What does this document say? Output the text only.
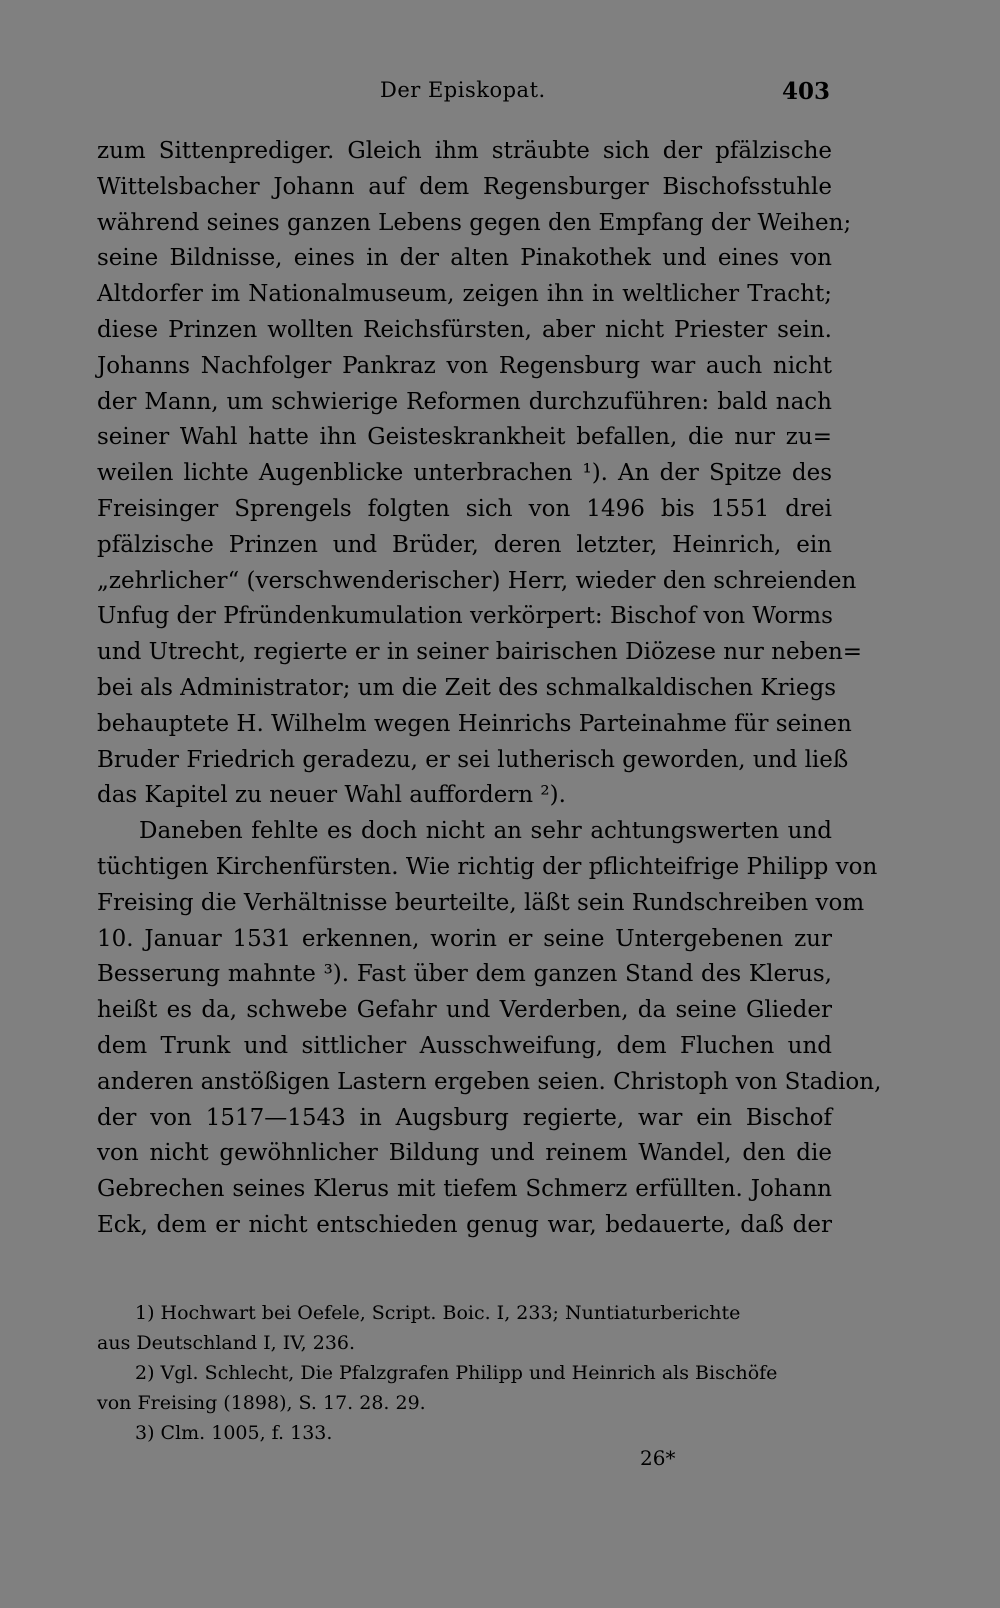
Der Episkopat.	403
zum Sittenprediger. Gleich ihm sträubte sich der pfälzische
Wittelsbacher Johann auf dem Regensburger Bischofsstuhle
während seines ganzen Lebens gegen den Empfang der Weihen;
seine Bildnisse, eines in der alten Pinakothek und eines von
Altdorfer im Nationalmuseum, zeigen ihn in weltlicher Tracht;
diese Prinzen wollten Reichsfürsten, aber nicht Priester sein.
Johanns Nachfolger Pankraz von Regensburg war auch nicht
der Mann, um schwierige Reformen durchzuführen: bald nach
seiner Wahl hatte ihn Geisteskrankheit befallen, die nur zu=
weilen lichte Augenblicke unterbrachen ¹). An der Spitze des
Freisinger Sprengels folgten sich von 1496 bis 1551 drei
pfälzische Prinzen und Brüder, deren letzter, Heinrich, ein
„zehrlicher“ (verschwenderischer) Herr, wieder den schreienden
Unfug der Pfründenkumulation verkörpert: Bischof von Worms
und Utrecht, regierte er in seiner bairischen Diözese nur neben=
bei als Administrator; um die Zeit des schmalkaldischen Kriegs
behauptete H. Wilhelm wegen Heinrichs Parteinahme für seinen
Bruder Friedrich geradezu, er sei lutherisch geworden, und ließ
das Kapitel zu neuer Wahl auffordern ²).
Daneben fehlte es doch nicht an sehr achtungswerten und
tüchtigen Kirchenfürsten. Wie richtig der pflichteifrige Philipp von
Freising die Verhältnisse beurteilte, läßt sein Rundschreiben vom
10. Januar 1531 erkennen, worin er seine Untergebenen zur
Besserung mahnte ³). Fast über dem ganzen Stand des Klerus,
heißt es da, schwebe Gefahr und Verderben, da seine Glieder
dem Trunk und sittlicher Ausschweifung, dem Fluchen und
anderen anstößigen Lastern ergeben seien. Christoph von Stadion,
der von 1517—1543 in Augsburg regierte, war ein Bischof
von nicht gewöhnlicher Bildung und reinem Wandel, den die
Gebrechen seines Klerus mit tiefem Schmerz erfüllten. Johann
Eck, dem er nicht entschieden genug war, bedauerte, daß der
1) Hochwart bei Oefele, Script. Boic. I, 233; Nuntiaturberichte
aus Deutschland I, IV, 236.
2) Vgl. Schlecht, Die Pfalzgrafen Philipp und Heinrich als Bischöfe
von Freising (1898), S. 17. 28. 29.
3) Clm. 1005, f. 133.
26*
